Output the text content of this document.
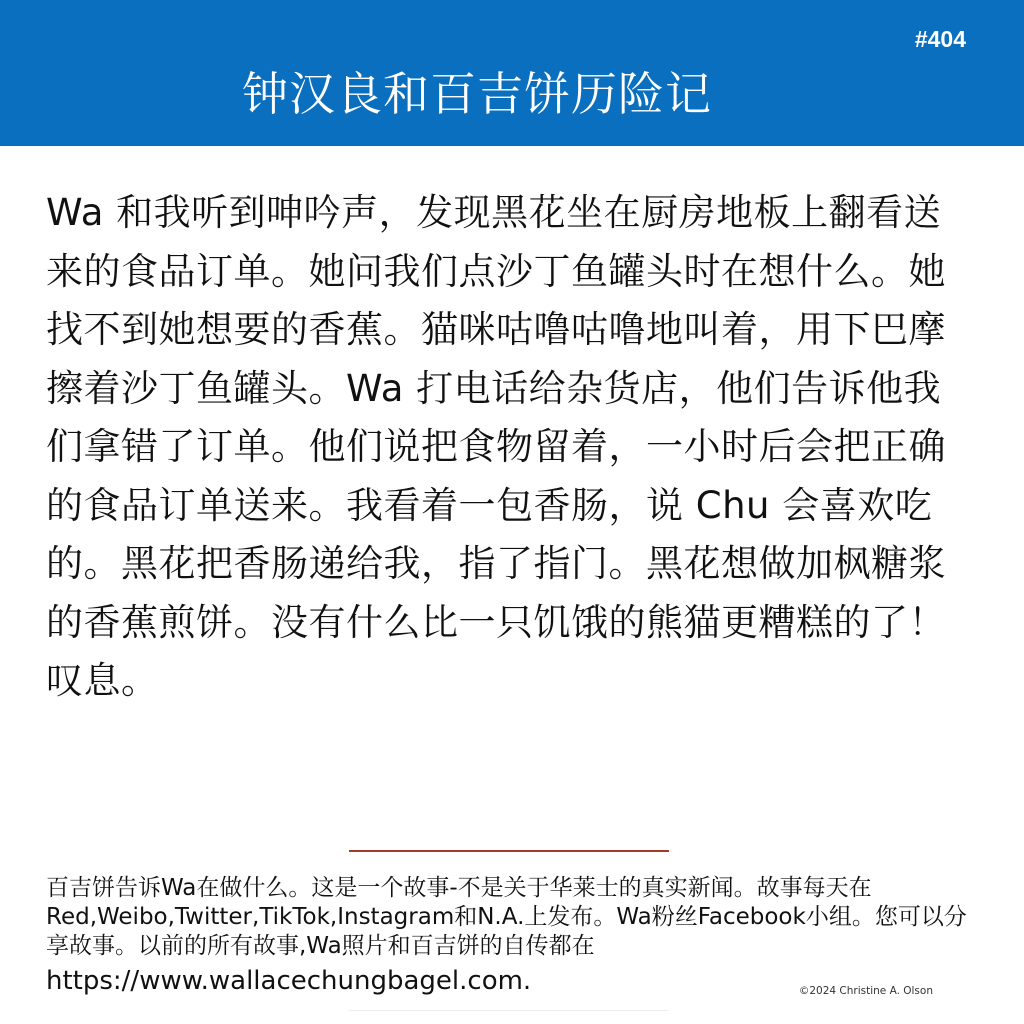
#404
钟汉良和百吉饼历险记

Wa 和我听到呻吟声，发现黑花坐在厨房地板上翻看送来的食品订单。她问我们点沙丁鱼罐头时在想什么。她找不到她想要的香蕉。猫咪咕噜咕噜地叫着，用下巴摩擦着沙丁鱼罐头。Wa 打电话给杂货店，他们告诉他我们拿错了订单。他们说把食物留着，一小时后会把正确的食品订单送来。我看着一包香肠，说 Chu 会喜欢吃的。黑花把香肠递给我，指了指门。黑花想做加枫糖浆的香蕉煎饼。没有什么比一只饥饿的熊猫更糟糕的了！叹息。

百吉饼告诉Wa在做什么。这是一个故事-不是关于华莱士的真实新闻。故事每天在Red,Weibo,Twitter,TikTok,Instagram和N.A.上发布。Wa粉丝Facebook小组。您可以分享故事。以前的所有故事,Wa照片和百吉饼的自传都在

https://www.wallacechungbagel.com.	©2024 Christine A. Olson
